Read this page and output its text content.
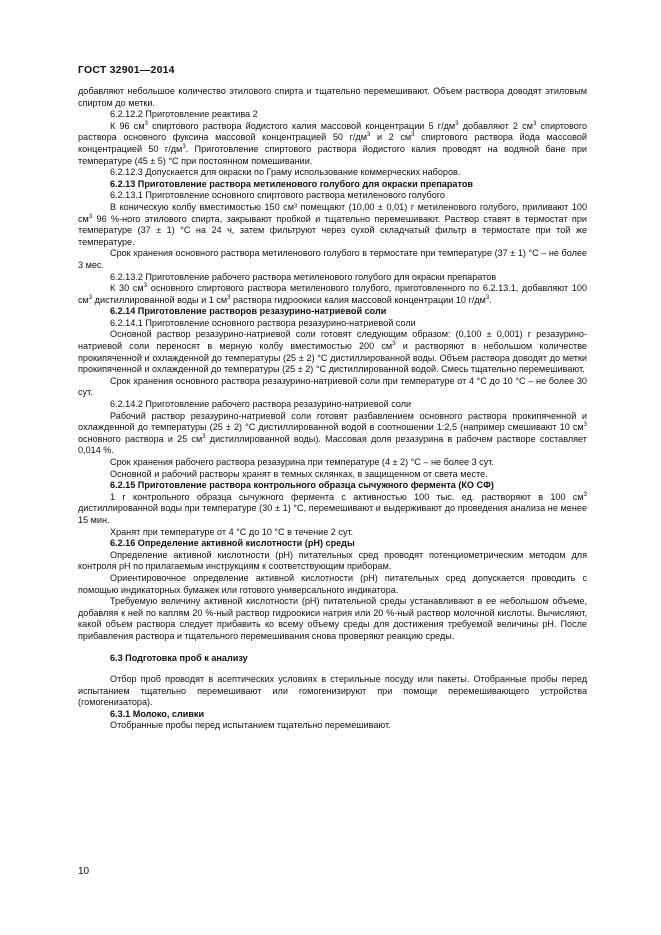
ГОСТ 32901—2014

добавляют небольшое количество этилового спирта и тщательно перемешивают. Объем раствора доводят этиловым спиртом до метки.

6.2.12.2 Приготовление реактива 2

К 96 $см^3$ спиртового раствора йодистого калия массовой концентрации 5 $г/дм^3$ добавляют 2 $см^3$ спиртового раствора основного фуксина массовой концентрацией 50 $г/дм^3$ и 2 $см^3$ спиртового раствора йода массовой концентрацией 50 $г/дм^3$. Приготовление спиртового раствора йодистого калия проводят на водяной бане при температуре (45 ± 5) °С при постоянном помешивании.

6.2.12.3 Допускается для окраски по Граму использование коммерческих наборов.

6.2.13 Приготовление раствора метиленового голубого для окраски препаратов

6.2.13.1 Приготовление основного спиртового раствора метиленового голубого

В коническую колбу вместимостью 150 см³ помещают (10,00 ± 0,01) г метиленового голубого, приливают 100 $см^3$ 96 %-ного этилового спирта, закрывают пробкой и тщательно перемешивают. Раствор ставят в термостат при температуре (37 ± 1) °С на 24 ч, затем фильтруют через сухой складчатый фильтр в термостате при той же температуре.

Срок хранения основного раствора метиленового голубого в термостате при температуре (37 ± 1) °С – не более 3 мес.

6.2.13.2 Приготовление рабочего раствора метиленового голубого для окраски препаратов

К 30 $см^3$ основного спиртового раствора метиленового голубого, приготовленного по 6.2.13.1, добавляют 100 $см^3$ дистиллированной воды и 1 $см^3$ раствора гидроокиси калия массовой концентрации 10 $г/дм^3$.

6.2.14 Приготовление растворов резазурино-натриевой соли

6.2.14.1 Приготовление основного раствора резазурино-натриевой соли

Основной раствор резазурино-натриевой соли готовят следующим образом: (0,100 ± 0,001) г резазурино-натриевой соли переносят в мерную колбу вместимостью 200 $см^3$ и растворяют в небольшом количестве прокипяченной и охлажденной до температуры (25 ± 2) °С дистиллированной воды. Объем раствора доводят до метки прокипяченной и охлажденной до температуры (25 ± 2) °С дистиллированной водой. Смесь тщательно перемешивают.

Срок хранения основного раствора резазурино-натриевой соли при температуре от 4 °С до 10 °С – не более 30 сут.

6.2.14.2 Приготовление рабочего раствора резазурино-натриевой соли

Рабочий раствор резазурино-натриевой соли готовят разбавлением основного раствора прокипяченной и охлажденной до температуры (25 ± 2) °С дистиллированной водой в соотношении 1:2,5 (например смешивают 10 $см^3$ основного раствора и 25 $см^3$ дистиллированной воды). Массовая доля резазурина в рабочем растворе составляет 0,014 %.

Срок хранения рабочего раствора резазурина при температуре (4 ± 2) °С – не более 3 сут.

Основной и рабочий растворы хранят в темных склянках, в защищенном от света месте.

6.2.15 Приготовление раствора контрольного образца сычужного фермента (КО СФ)

1 г контрольного образца сычужного фермента с активностью 100 тыс. ед. растворяют в 100 $см^3$ дистиллированной воды при температуре (30 ± 1) °С, перемешивают и выдерживают до проведения анализа не менее 15 мин.

Хранят при температуре от 4 °С до 10 °С в течение 2 сут.

6.2.16 Определение активной кислотности (pH) среды

Определение активной кислотности (pH) питательных сред проводят потенциометрическим методом для контроля pH по прилагаемым инструкциям к соответствующим приборам.

Ориентировочное определение активной кислотности (pH) питательных сред допускается проводить с помощью индикаторных бумажек или готового универсального индикатора.

Требуемую величину активной кислотности (pH) питательной среды устанавливают в ее небольшом объеме, добавляя к ней по каплям 20 %-ный раствор гидроокиси натрия или 20 %-ный раствор молочной кислоты. Вычисляют, какой объем раствора следует прибавить ко всему объему среды для достижения требуемой величины pH. После прибавления раствора и тщательного перемешивания снова проверяют реакцию среды.

6.3 Подготовка проб к анализу

Отбор проб проводят в асептических условиях в стерильные посуду или пакеты. Отобранные пробы перед испытанием тщательно перемешивают или гомогенизируют при помощи перемешивающего устройства (гомогенизатора).

6.3.1 Молоко, сливки

Отобранные пробы перед испытанием тщательно перемешивают.

10
